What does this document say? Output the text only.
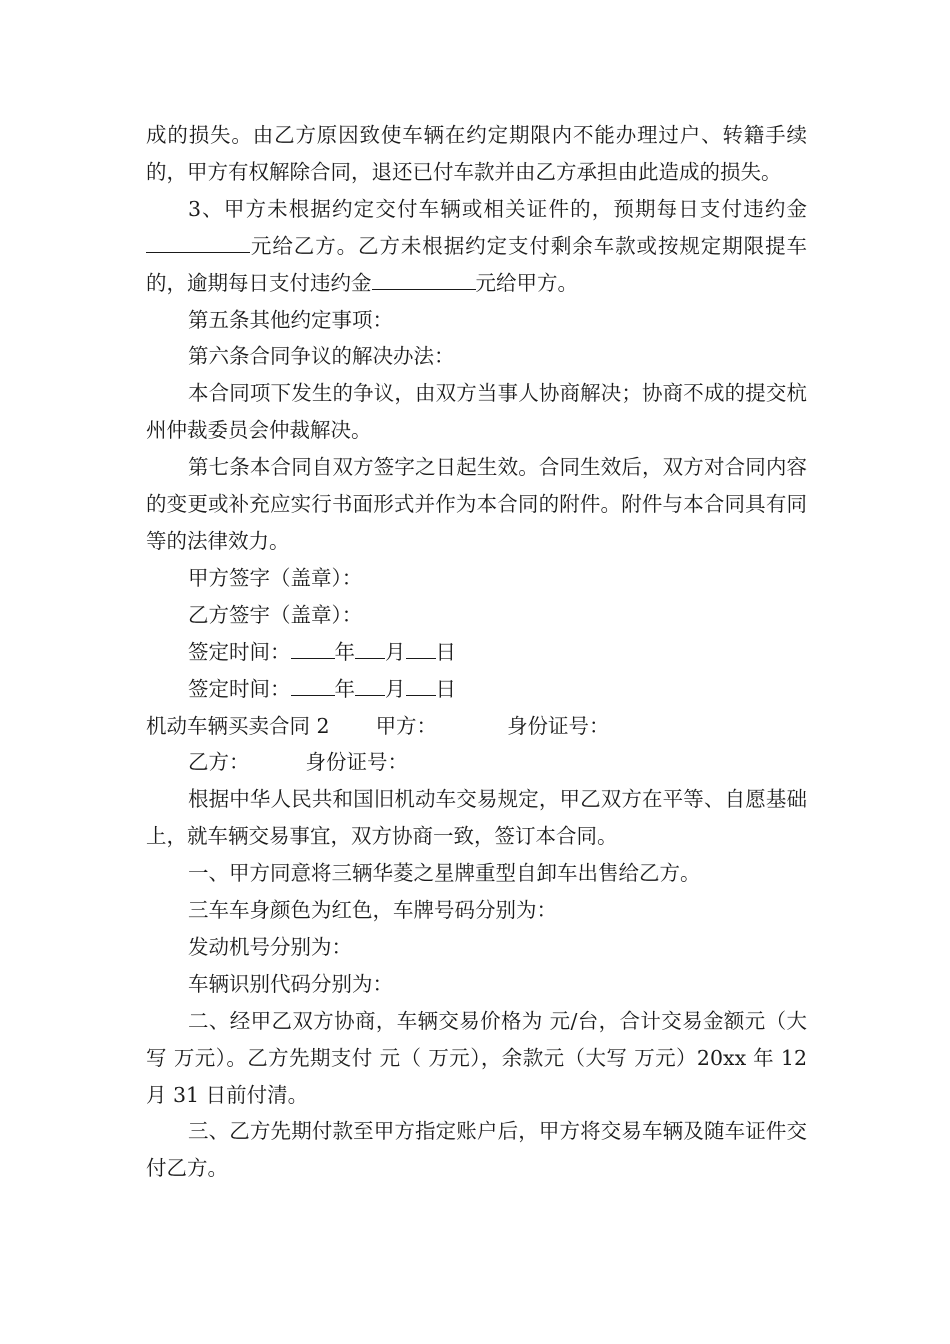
成的损失。由乙方原因致使车辆在约定期限内不能办理过户、转籍手续的，甲方有权解除合同，退还已付车款并由乙方承担由此造成的损失。

3、甲方未根据约定交付车辆或相关证件的，预期每日支付违约金元给乙方。乙方未根据约定支付剩余车款或按规定期限提车的，逾期每日支付违约金	元给甲方。

第五条其他约定事项：

第六条合同争议的解决办法：

本合同项下发生的争议，由双方当事人协商解决；协商不成的提交杭州仲裁委员会仲裁解决。

第七条本合同自双方签字之日起生效。合同生效后，双方对合同内容的变更或补充应实行书面形式并作为本合同的附件。附件与本合同具有同等的法律效力。

甲方签字（盖章）：

乙方签宇（盖章）：

签定时间： 年 月 日

签定时间： 年 月 日

机动车辆买卖合同 2 甲方：	身份证号：

乙方：	身份证号：

根据中华人民共和国旧机动车交易规定，甲乙双方在平等、自愿基础上，就车辆交易事宜，双方协商一致，签订本合同。

一、甲方同意将三辆华菱之星牌重型自卸车出售给乙方。

三车车身颜色为红色，车牌号码分别为：

发动机号分别为：

车辆识别代码分别为：

二、经甲乙双方协商，车辆交易价格为 元/台，合计交易金额元（大写 万元）。乙方先期支付 元（ 万元），余款元（大写 万元）20xx 年 12 月 31 日前付清。

三、乙方先期付款至甲方指定账户后，甲方将交易车辆及随车证件交付乙方。
